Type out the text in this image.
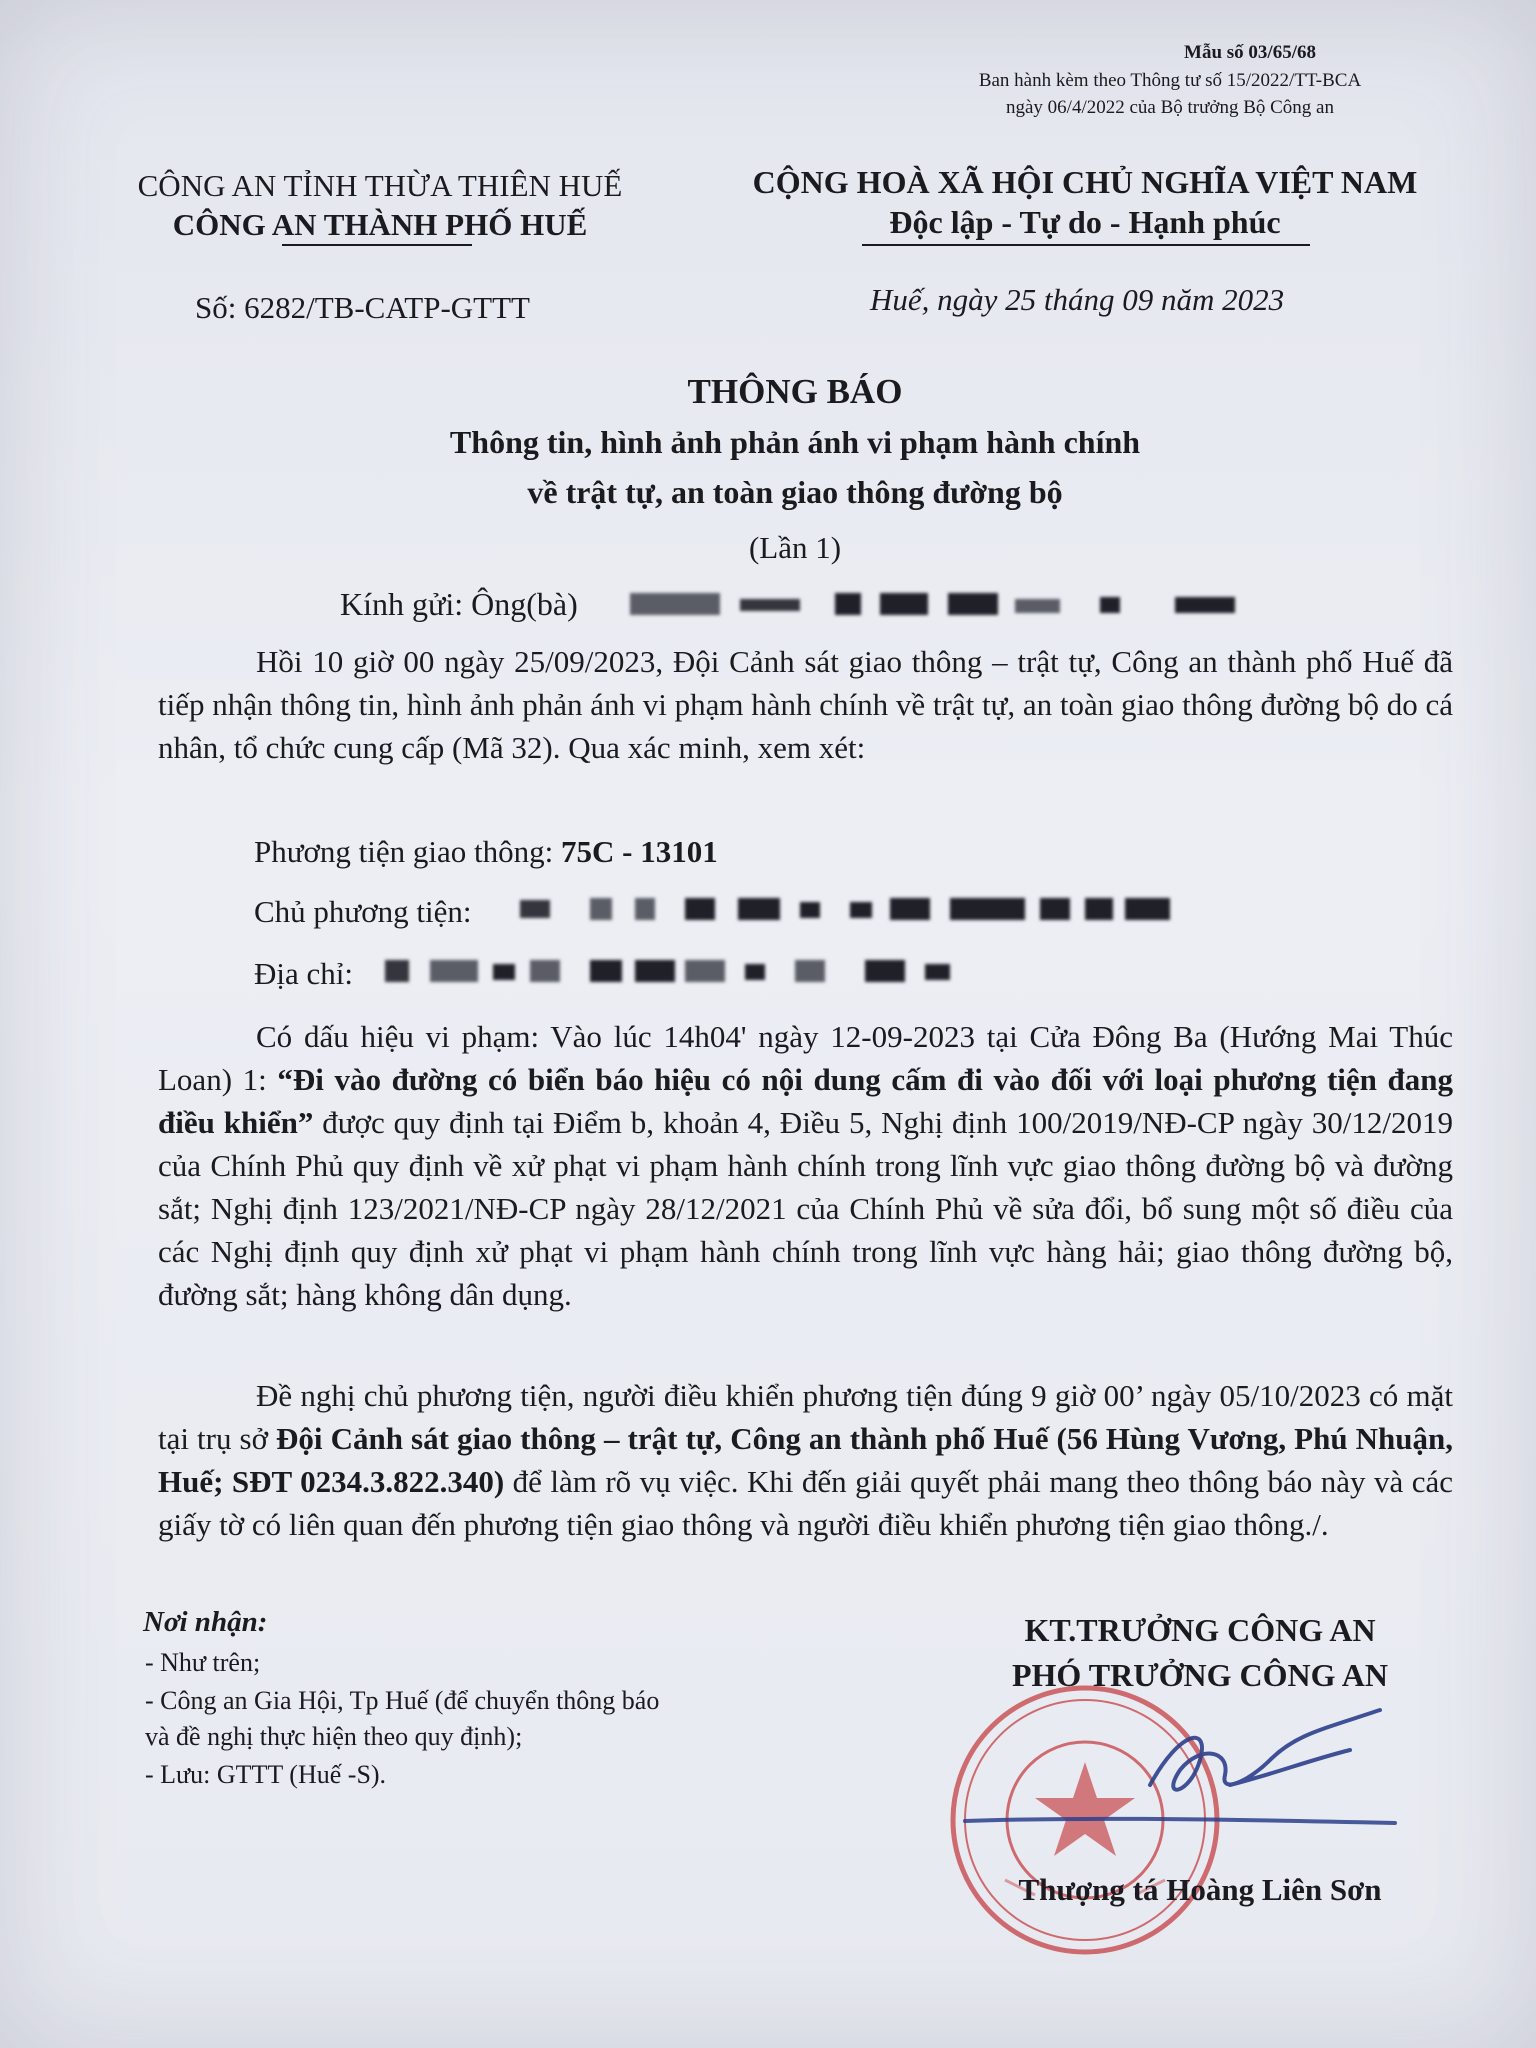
Mẫu số 03/65/68
Ban hành kèm theo Thông tư số 15/2022/TT-BCA
ngày 06/4/2022 của Bộ trưởng Bộ Công an
CÔNG AN TỈNH THỪA THIÊN HUẾ
CÔNG AN THÀNH PHỐ HUẾ
CỘNG HOÀ XÃ HỘI CHỦ NGHĨA VIỆT NAM
Độc lập - Tự do - Hạnh phúc
Số: 6282/TB-CATP-GTTT	Huế, ngày 25 tháng 09 năm 2023
THÔNG BÁO
Thông tin, hình ảnh phản ánh vi phạm hành chính
về trật tự, an toàn giao thông đường bộ
(Lần 1)
Kính gửi: Ông(bà)

Hồi 10 giờ 00 ngày 25/09/2023, Đội Cảnh sát giao thông – trật tự, Công an thành phố Huế đã tiếp nhận thông tin, hình ảnh phản ánh vi phạm hành chính về trật tự, an toàn giao thông đường bộ do cá nhân, tổ chức cung cấp (Mã 32). Qua xác minh, xem xét:

Phương tiện giao thông: 75C - 13101
Chủ phương tiện:
Địa chỉ:

Có dấu hiệu vi phạm: Vào lúc 14h04' ngày 12-09-2023 tại Cửa Đông Ba (Hướng Mai Thúc Loan) 1: “Đi vào đường có biển báo hiệu có nội dung cấm đi vào đối với loại phương tiện đang điều khiển” được quy định tại Điểm b, khoản 4, Điều 5, Nghị định 100/2019/NĐ-CP ngày 30/12/2019 của Chính Phủ quy định về xử phạt vi phạm hành chính trong lĩnh vực giao thông đường bộ và đường sắt; Nghị định 123/2021/NĐ-CP ngày 28/12/2021 của Chính Phủ về sửa đổi, bổ sung một số điều của các Nghị định quy định xử phạt vi phạm hành chính trong lĩnh vực hàng hải; giao thông đường bộ, đường sắt; hàng không dân dụng.

Đề nghị chủ phương tiện, người điều khiển phương tiện đúng 9 giờ 00’ ngày 05/10/2023 có mặt tại trụ sở Đội Cảnh sát giao thông – trật tự, Công an thành phố Huế (56 Hùng Vương, Phú Nhuận, Huế; SĐT 0234.3.822.340) để làm rõ vụ việc. Khi đến giải quyết phải mang theo thông báo này và các giấy tờ có liên quan đến phương tiện giao thông và người điều khiển phương tiện giao thông./.

Nơi nhận:
- Như trên;
- Công an Gia Hội, Tp Huế (để chuyển thông báo
và đề nghị thực hiện theo quy định);
- Lưu: GTTT (Huế -S).
KT.TRƯỞNG CÔNG AN
PHÓ TRƯỞNG CÔNG AN
Thượng tá Hoàng Liên Sơn
